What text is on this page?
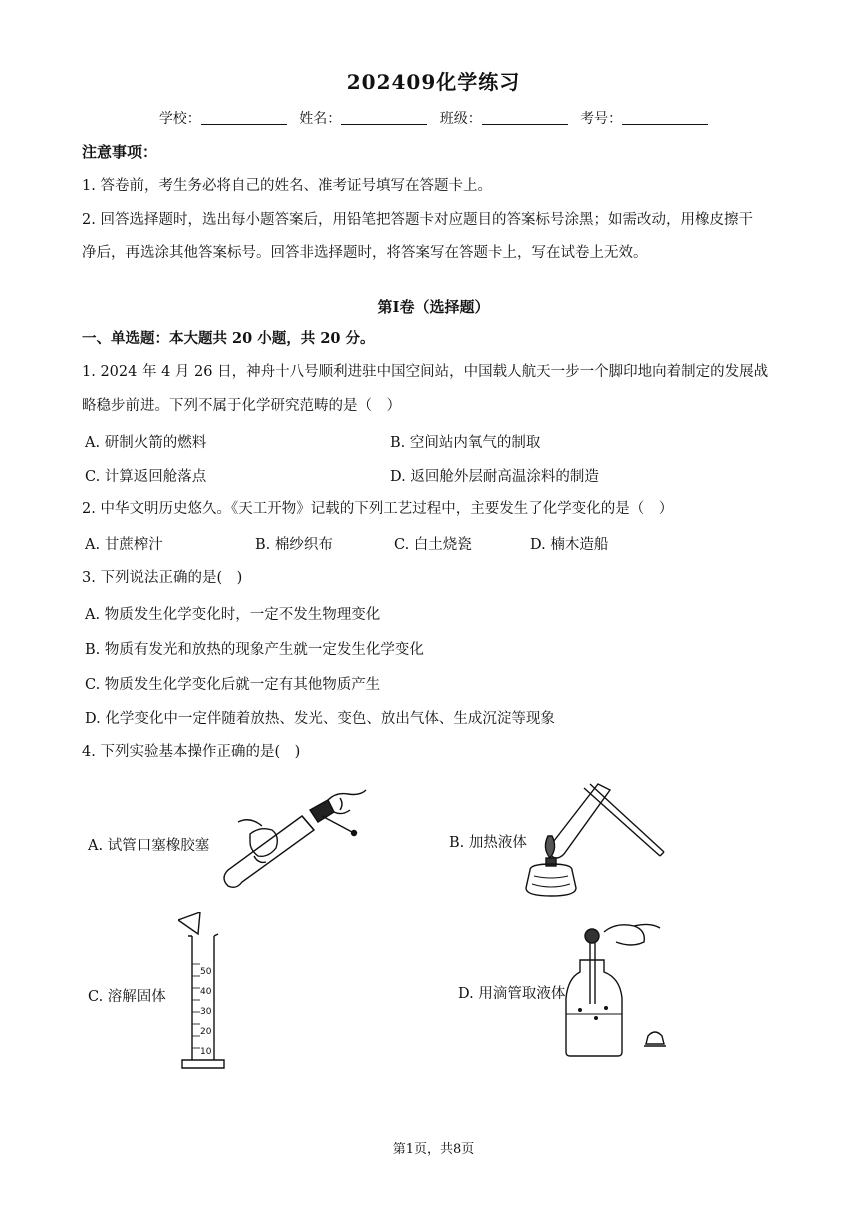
202409化学练习
学校：	姓名：	班级：	考号：
注意事项：
1. 答卷前，考生务必将自己的姓名、准考证号填写在答题卡上。
2. 回答选择题时，选出每小题答案后，用铅笔把答题卡对应题目的答案标号涂黑；如需改动，用橡皮擦干
净后，再选涂其他答案标号。回答非选择题时，将答案写在答题卡上，写在试卷上无效。
第Ⅰ卷（选择题）
一、单选题：本大题共 20 小题，共 20 分。
1. 2024 年 4 月 26 日，神舟十八号顺利进驻中国空间站，中国载人航天一步一个脚印地向着制定的发展战
略稳步前进。下列不属于化学研究范畴的是（　）
A. 研制火箭的燃料	B. 空间站内氧气的制取
C. 计算返回舱落点	D. 返回舱外层耐高温涂料的制造
2. 中华文明历史悠久。《天工开物》记载的下列工艺过程中，主要发生了化学变化的是（　）
A. 甘蔗榨汁	B. 棉纱织布	C. 白土烧瓷	D. 楠木造船
3. 下列说法正确的是(　)
A. 物质发生化学变化时，一定不发生物理变化
B. 物质有发光和放热的现象产生就一定发生化学变化
C. 物质发生化学变化后就一定有其他物质产生
D. 化学变化中一定伴随着放热、发光、变色、放出气体、生成沉淀等现象
4. 下列实验基本操作正确的是(　)
A. 试管口塞橡胶塞	B. 加热液体
C. 溶解固体
50
40
30
20
10
D. 用滴管取液体
第1页，共8页
